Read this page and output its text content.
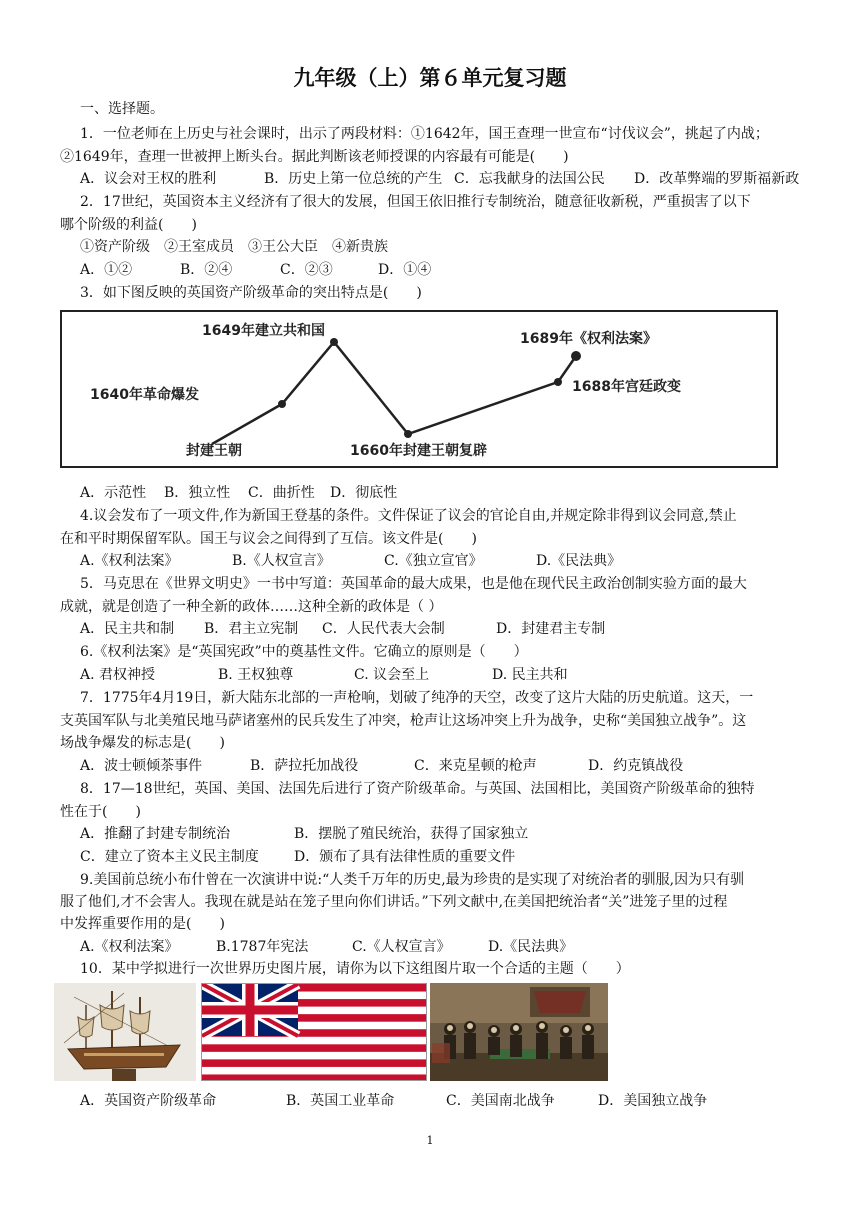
九年级（上）第６单元复习题
一、选择题。
1．一位老师在上历史与社会课时，出示了两段材料：①1642年，国王查理一世宣布“讨伐议会”，挑起了内战；
②1649年，查理一世被押上断头台。据此判断该老师授课的内容最有可能是(　　)
A．议会对王权的胜利	B．历史上第一位总统的产生 C．忘我献身的法国公民 D．改革弊端的罗斯福新政
2．17世纪，英国资本主义经济有了很大的发展，但国王依旧推行专制统治，随意征收新税，严重损害了以下
哪个阶级的利益(　　)
①资产阶级　②王室成员　③王公大臣　④新贵族
A．①②	B．②④	C．②③	D．①④
3．如下图反映的英国资产阶级革命的突出特点是(　　)
封建王朝
1640年革命爆发
1649年建立共和国
1660年封建王朝复辟
1688年宫廷政变
1689年《权利法案》
A．示范性 B．独立性 C．曲折性 D．彻底性
4.议会发布了一项文件,作为新国王登基的条件。文件保证了议会的官论自由,并规定除非得到议会同意,禁止
在和平时期保留军队。国王与议会之间得到了互信。该文件是(　　)
A.《权利法案》	B.《人权宣言》	C.《独立宣官》	D.《民法典》
5．马克思在《世界文明史》一书中写道：英国革命的最大成果，也是他在现代民主政治创制实验方面的最大
成就，就是创造了一种全新的政体……这种全新的政体是（ ）
A．民主共和制 B．君主立宪制 C．人民代表大会制	D．封建君主专制
6.《权利法案》是“英国宪政”中的奠基性文件。它确立的原则是（　　）
A. 君权神授	B. 王权独尊	C. 议会至上	D. 民主共和
7．1775年4月19日，新大陆东北部的一声枪响，划破了纯净的天空，改变了这片大陆的历史航道。这天，一
支英国军队与北美殖民地马萨诸塞州的民兵发生了冲突，枪声让这场冲突上升为战争，史称“美国独立战争”。这
场战争爆发的标志是(　　)
A．波士顿倾茶事件	B．萨拉托加战役	C．来克星顿的枪声	D．约克镇战役
8．17—18世纪，英国、美国、法国先后进行了资产阶级革命。与英国、法国相比，美国资产阶级革命的独特
性在于(　　)
A．推翻了封建专制统治	B．摆脱了殖民统治，获得了国家独立
C．建立了资本主义民主制度	D．颁布了具有法律性质的重要文件
9.美国前总统小布什曾在一次演讲中说:“人类千万年的历史,最为珍贵的是实现了对统治者的驯服,因为只有驯
服了他们,才不会害人。我现在就是站在笼子里向你们讲话。”下列文献中,在美国把统治者“关”进笼子里的过程
中发挥重要作用的是(　　)
A.《权利法案》	B.1787年宪法	C.《人权宣言》	D.《民法典》
10．某中学拟进行一次世界历史图片展，请你为以下这组图片取一个合适的主题（　　）
A．英国资产阶级革命	B．英国工业革命	C．美国南北战争	D．美国独立战争
1
